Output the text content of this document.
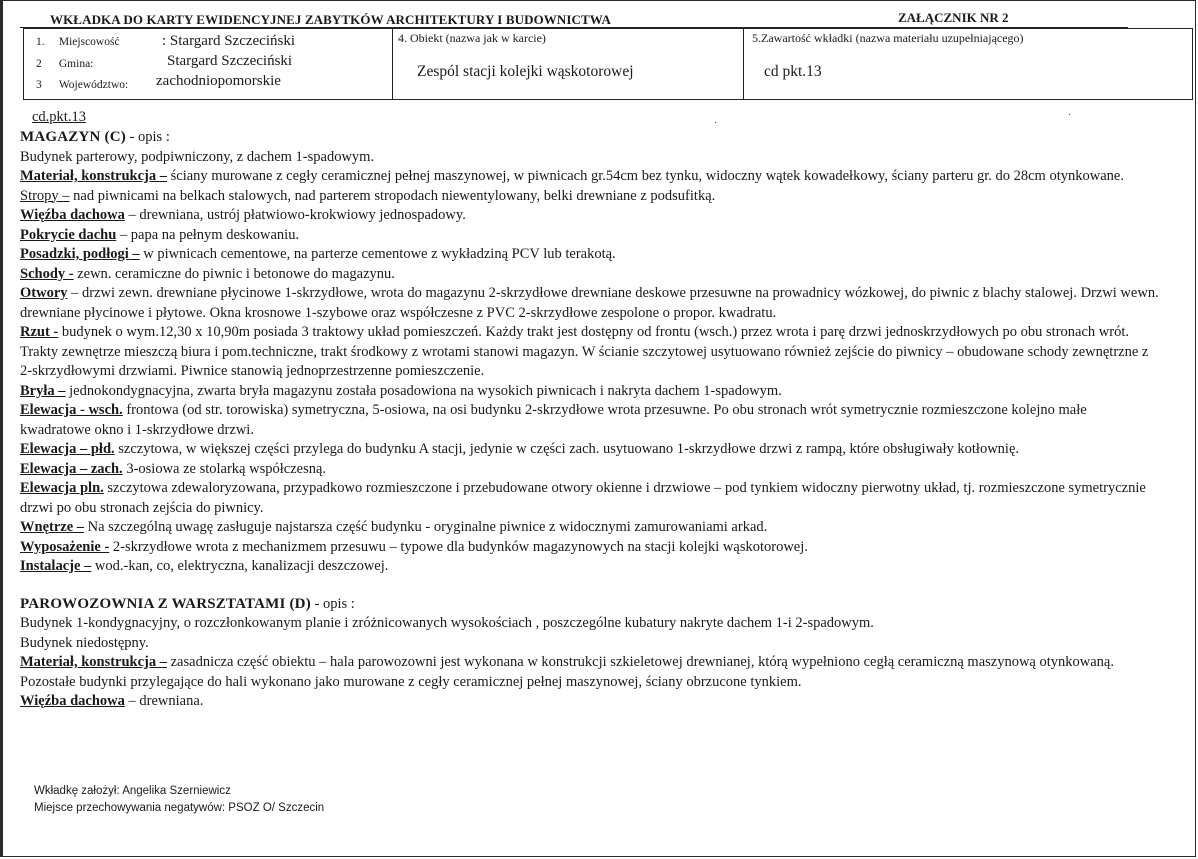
WKŁADKA DO KARTY EWIDENCYJNEJ ZABYTKÓW ARCHITEKTURY I BUDOWNICTWA	ZAŁĄCZNIK NR 2
1. Miejscowość	: Stargard Szczeciński
2 Gmina:	Stargard Szczeciński
3 Województwo: zachodniopomorskie
4. Obiekt (nazwa jak w karcie)
Zespól stacji kolejki wąskotorowej
5.Zawartość wkładki (nazwa materiału uzupełniającego)
cd pkt.13
cd.pkt.13

MAGAZYN (C) - opis :

Budynek parterowy, podpiwniczony, z dachem 1-spadowym.

Materiał, konstrukcja – ściany murowane z cegły ceramicznej pełnej maszynowej, w piwnicach gr.54cm bez tynku, widoczny wątek kowadełkowy, ściany parteru gr. do 28cm otynkowane.

Stropy – nad piwnicami na belkach stalowych, nad parterem stropodach niewentylowany, belki drewniane z podsufitką.

Więźba dachowa – drewniana, ustrój płatwiowo-krokwiowy jednospadowy.

Pokrycie dachu – papa na pełnym deskowaniu.

Posadzki, podłogi – w piwnicach cementowe, na parterze cementowe z wykładziną PCV lub terakotą.

Schody - zewn. ceramiczne do piwnic i betonowe do magazynu.

Otwory – drzwi zewn. drewniane płycinowe 1-skrzydłowe, wrota do magazynu 2-skrzydłowe drewniane deskowe przesuwne na prowadnicy wózkowej, do piwnic z blachy stalowej. Drzwi wewn. drewniane płycinowe i płytowe. Okna krosnowe 1-szybowe oraz współczesne z PVC 2-skrzydłowe zespolone o propor. kwadratu.

Rzut - budynek o wym.12,30 x 10,90m posiada 3 traktowy układ pomieszczeń. Każdy trakt jest dostępny od frontu (wsch.) przez wrota i parę drzwi jednoskrzydłowych po obu stronach wrót. Trakty zewnętrze mieszczą biura i pom.techniczne, trakt środkowy z wrotami stanowi magazyn. W ścianie szczytowej usytuowano również zejście do piwnicy – obudowane schody zewnętrzne z 2-skrzydłowymi drzwiami. Piwnice stanowią jednoprzestrzenne pomieszczenie.

Bryła – jednokondygnacyjna, zwarta bryła magazynu została posadowiona na wysokich piwnicach i nakryta dachem 1-spadowym.

Elewacja - wsch. frontowa (od str. torowiska) symetryczna, 5-osiowa, na osi budynku 2-skrzydłowe wrota przesuwne. Po obu stronach wrót symetrycznie rozmieszczone kolejno małe kwadratowe okno i 1-skrzydłowe drzwi.

Elewacja – płd. szczytowa, w większej części przylega do budynku A stacji, jedynie w części zach. usytuowano 1-skrzydłowe drzwi z rampą, które obsługiwały kotłownię.

Elewacja – zach. 3-osiowa ze stolarką współczesną.

Elewacja pln. szczytowa zdewaloryzowana, przypadkowo rozmieszczone i przebudowane otwory okienne i drzwiowe – pod tynkiem widoczny pierwotny układ, tj. rozmieszczone symetrycznie drzwi po obu stronach zejścia do piwnicy.

Wnętrze – Na szczególną uwagę zasługuje najstarsza część budynku - oryginalne piwnice z widocznymi zamurowaniami arkad.

Wyposażenie - 2-skrzydłowe wrota z mechanizmem przesuwu – typowe dla budynków magazynowych na stacji kolejki wąskotorowej.

Instalacje – wod.-kan, co, elektryczna, kanalizacji deszczowej.

PAROWOZOWNIA Z WARSZTATAMI (D) - opis :

Budynek 1-kondygnacyjny, o rozczłonkowanym planie i zróżnicowanych wysokościach , poszczególne kubatury nakryte dachem 1-i 2-spadowym.

Budynek niedostępny.

Materiał, konstrukcja – zasadnicza część obiektu – hala parowozowni jest wykonana w konstrukcji szkieletowej drewnianej, którą wypełniono cegłą ceramiczną maszynową otynkowaną. Pozostałe budynki przylegające do hali wykonano jako murowane z cegły ceramicznej pełnej maszynowej, ściany obrzucone tynkiem.

Więźba dachowa – drewniana.

Wkładkę założył: Angelika Szerniewicz
Miejsce przechowywania negatywów: PSOZ O/ Szczecin
·
·
